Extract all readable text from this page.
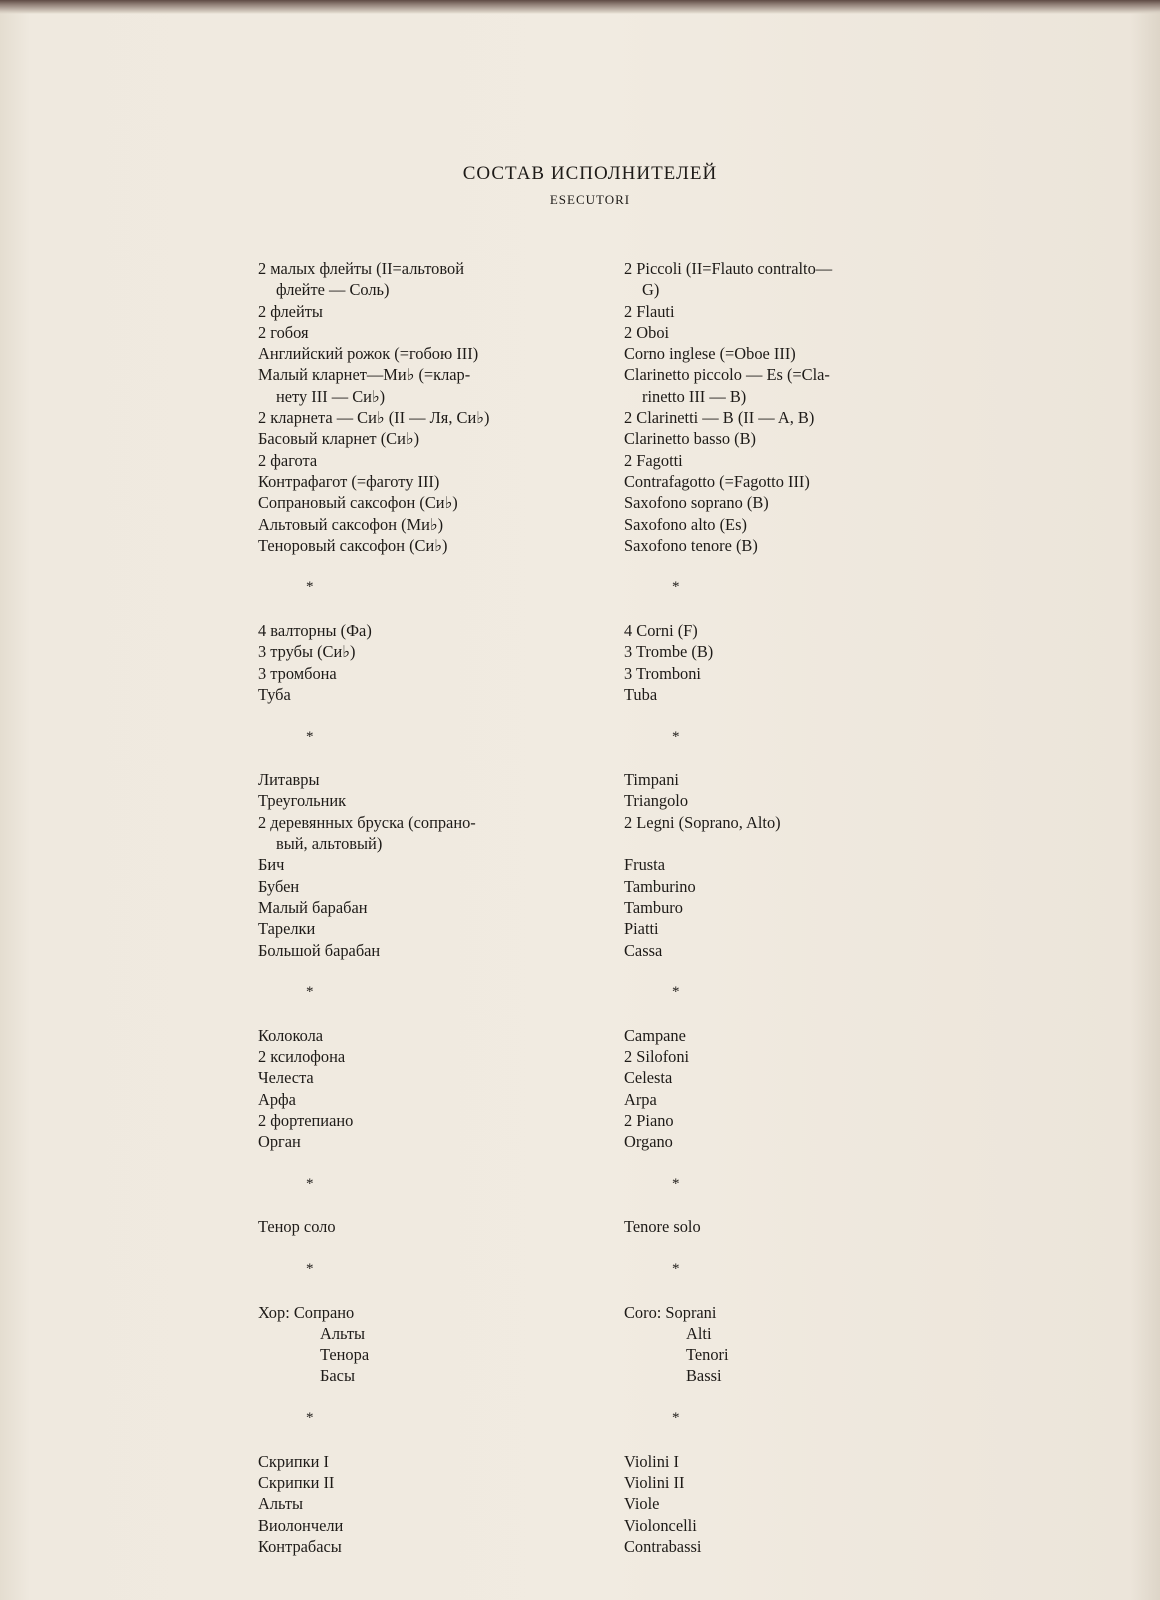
СОСТАВ ИСПОЛНИТЕЛЕЙ
ESECUTORI
2 малых флейты (II=альтовой
флейте — Соль)
2 флейты
2 гобоя
Английский рожок (=гобою III)
Малый кларнет—Ми♭ (=клар-
нету III — Си♭)
2 кларнета — Си♭ (II — Ля, Си♭)
Басовый кларнет (Си♭)
2 фагота
Контрафагот (=фаготу III)
Сопрановый саксофон (Си♭)
Альтовый саксофон (Ми♭)
Теноровый саксофон (Си♭)
*
4 валторны (Фа)
3 трубы (Си♭)
3 тромбона
Туба
*
Литавры
Треугольник
2 деревянных бруска (сопрано-
вый, альтовый)
Бич
Бубен
Малый барабан
Тарелки
Большой барабан
*
Колокола
2 ксилофона
Челеста
Арфа
2 фортепиано
Орган
*
Тенор соло
*
Хор: Сопрано
Альты
Тенора
Басы
*
Скрипки I
Скрипки II
Альты
Виолончели
Контрабасы
2 Piccoli (II=Flauto contralto—
G)
2 Flauti
2 Oboi
Corno inglese (=Oboe III)
Clarinetto piccolo — Es (=Cla-
rinetto III — B)
2 Clarinetti — B (II — A, B)
Clarinetto basso (B)
2 Fagotti
Contrafagotto (=Fagotto III)
Saxofono soprano (B)
Saxofono alto (Es)
Saxofono tenore (B)
*
4 Corni (F)
3 Trombe (B)
3 Tromboni
Tuba
*
Timpani
Triangolo
2 Legni (Soprano, Alto)
Frusta
Tamburino
Tamburo
Piatti
Cassa
*
Campane
2 Silofoni
Celesta
Arpa
2 Piano
Organo
*
Tenore solo
*
Coro: Soprani
Alti
Tenori
Bassi
*
Violini I
Violini II
Viole
Violoncelli
Contrabassi
